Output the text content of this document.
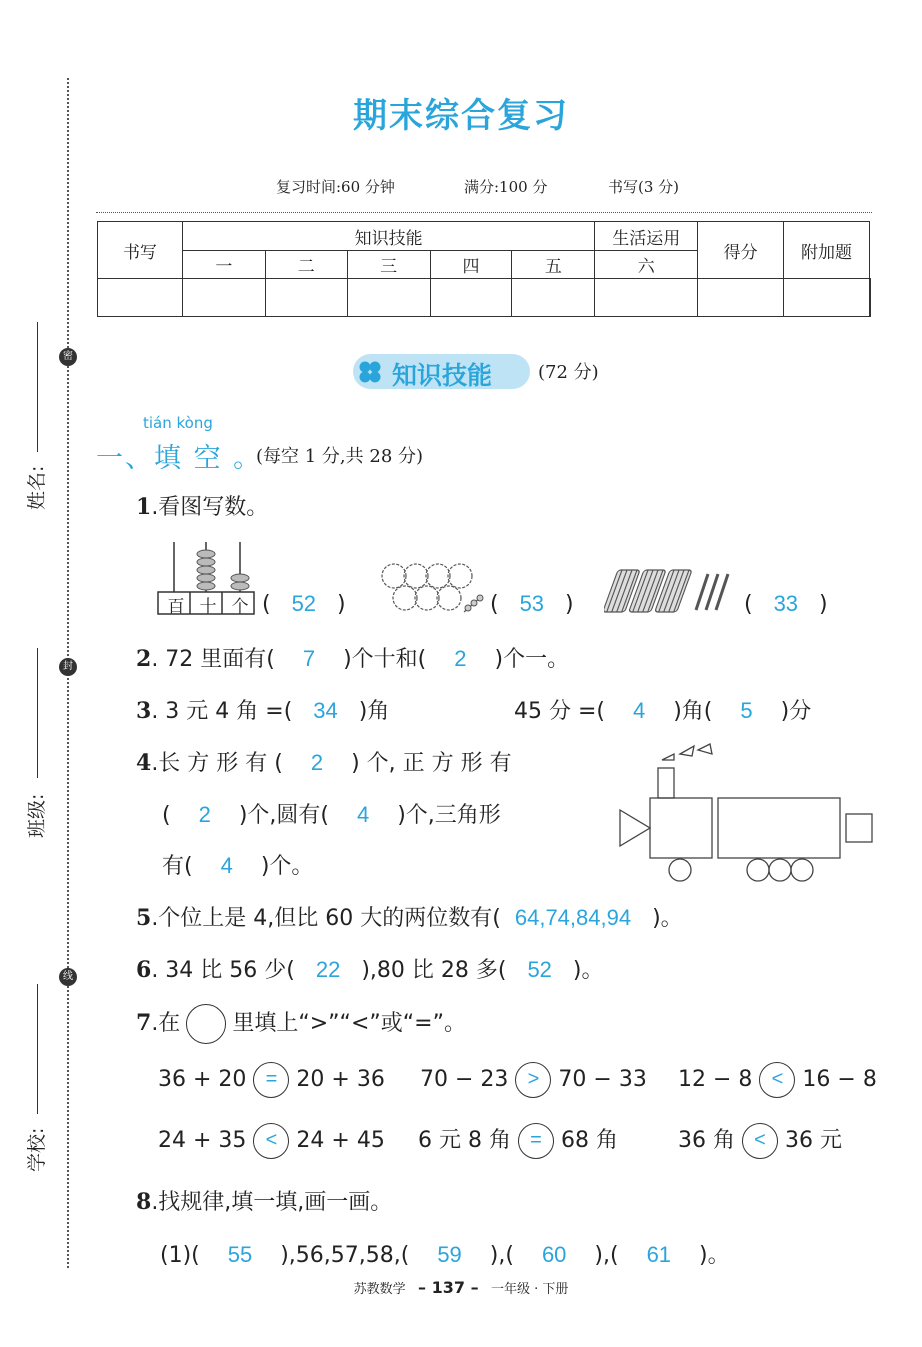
密
封
线
姓名:
班级:
学校:
期末综合复习
复习时间:60 分钟	满分:100 分	书写(3 分)
书写	知识技能					生活运用	得分	附加题	
	一	二	三	四	五	六			

知识技能	(72 分)
tián kòng
一、填 空 。
(每空 1 分,共 28 分)
1.看图写数。
百 十 个 (   52   )	(   53   )	(   33   )
2. 72 里面有( 7 )个十和( 2 )个一。
3. 3 元 4 角 =( 34 )角	45 分 =( 4 )角( 5 )分
4.长 方 形 有 ( 2 ) 个, 正 方 形 有
( 2 )个,圆有( 4 )个,三角形
有( 4 )个。
5.个位上是 4,但比 60 大的两位数有( 64,74,84,94 )。
6. 34 比 56 少( 22 ),80 比 28 多( 52 )。
7.在 里填上“>”“<”或“=”。
36 + 20 = 20 + 36 70 − 23 > 70 − 33 12 − 8 < 16 − 8
24 + 35 < 24 + 45 6 元 8 角 = 68 角	36 角 < 36 元
8.找规律,填一填,画一画。
(1)( 55 ),56,57,58,( 59 ),( 60 ),( 61 )。
苏教数学 – 137 – 一年级 · 下册
